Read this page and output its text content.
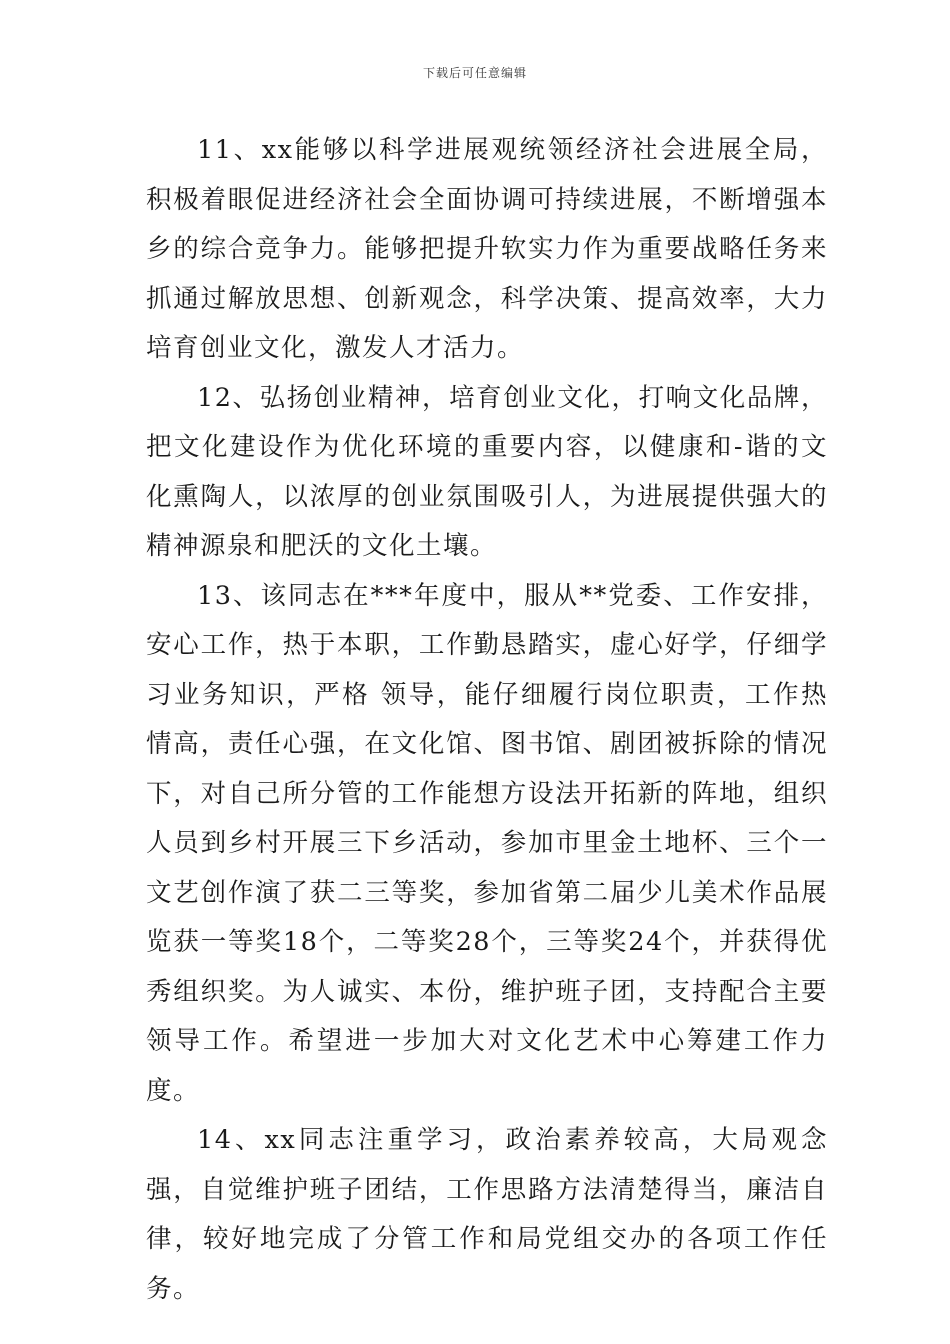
下载后可任意编辑

11、xx能够以科学进展观统领经济社会进展全局，积极着眼促进经济社会全面协调可持续进展，不断增强本乡的综合竞争力。能够把提升软实力作为重要战略任务来抓通过解放思想、创新观念，科学决策、提高效率，大力培育创业文化，激发人才活力。

12、弘扬创业精神，培育创业文化，打响文化品牌，把文化建设作为优化环境的重要内容，以健康和-谐的文化熏陶人，以浓厚的创业氛围吸引人，为进展提供强大的精神源泉和肥沃的文化土壤。

13、该同志在***年度中，服从**党委、工作安排，安心工作，热于本职，工作勤恳踏实，虚心好学，仔细学习业务知识，严格 领导，能仔细履行岗位职责，工作热情高，责任心强，在文化馆、图书馆、剧团被拆除的情况下，对自己所分管的工作能想方设法开拓新的阵地，组织人员到乡村开展三下乡活动，参加市里金土地杯、三个一文艺创作演了获二三等奖，参加省第二届少儿美术作品展览获一等奖18个，二等奖28个，三等奖24个，并获得优秀组织奖。为人诚实、本份，维护班子团，支持配合主要领导工作。希望进一步加大对文化艺术中心筹建工作力度。

14、xx同志注重学习，政治素养较高，大局观念强，自觉维护班子团结，工作思路方法清楚得当，廉洁自律，较好地完成了分管工作和局党组交办的各项工作任务。
